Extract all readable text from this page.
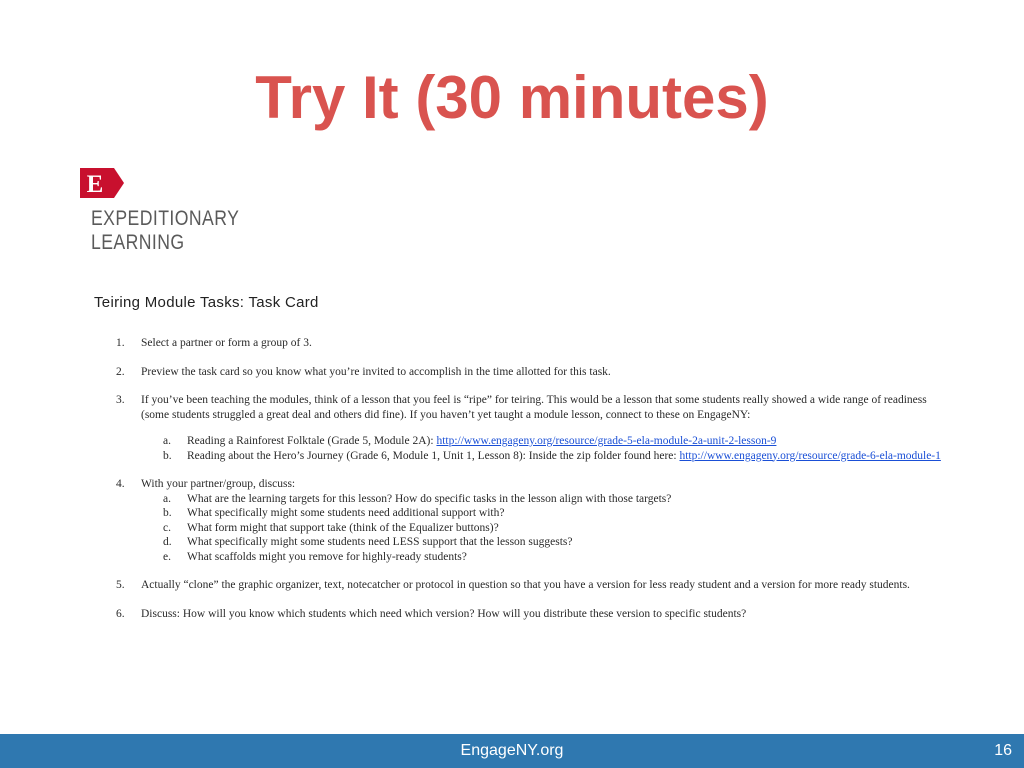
Try It (30 minutes)
E
EXPEDITIONARY
LEARNING
Teiring Module Tasks: Task Card
1. Select a partner or form a group of 3.
2. Preview the task card so you know what you’re invited to accomplish in the time allotted for this task.
3. If you’ve been teaching the modules, think of a lesson that you feel is “ripe” for teiring. This would be a lesson that some students really showed a wide range of readiness (some students struggled a great deal and others did fine). If you haven’t yet taught a module lesson, connect to these on EngageNY:
a. Reading a Rainforest Folktale (Grade 5, Module 2A): http://www.engageny.org/resource/grade-5-ela-module-2a-unit-2-lesson-9
b. Reading about the Hero’s Journey (Grade 6, Module 1, Unit 1, Lesson 8): Inside the zip folder found here: http://www.engageny.org/resource/grade-6-ela-module-1
4. With your partner/group, discuss:
a. What are the learning targets for this lesson? How do specific tasks in the lesson align with those targets?
b. What specifically might some students need additional support with?
c. What form might that support take (think of the Equalizer buttons)?
d. What specifically might some students need LESS support that the lesson suggests?
e. What scaffolds might you remove for highly-ready students?
5. Actually “clone” the graphic organizer, text, notecatcher or protocol in question so that you have a version for less ready student and a version for more ready students.
6. Discuss: How will you know which students which need which version? How will you distribute these version to specific students?
EngageNY.org	16
